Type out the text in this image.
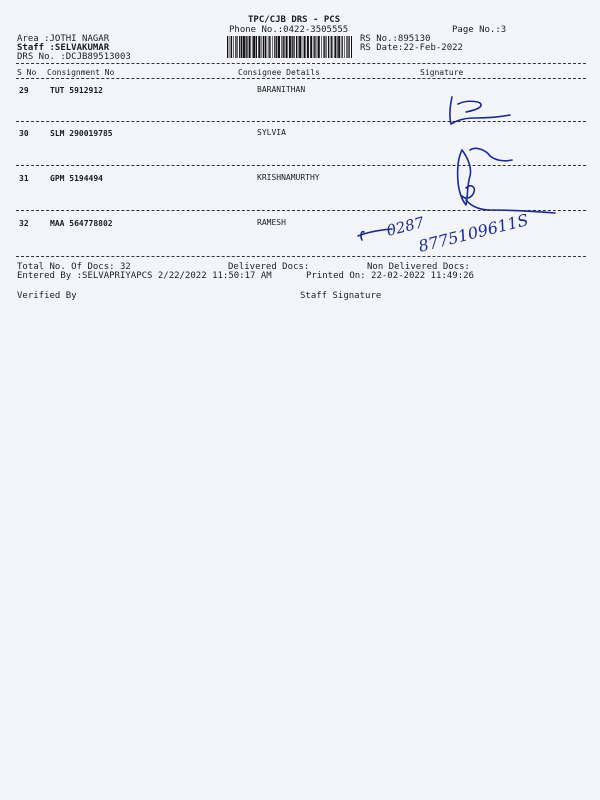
TPC/CJB DRS - PCS
Phone No.:0422-3505555	Page No.:3
Area :JOTHI NAGAR
Staff :SELVAKUMAR
DRS No. :DCJB89513003
RS No.:895130
RS Date:22-Feb-2022
S No Consignment No	Consignee Details	Signature
29	TUT 5912912	BARANITHAN
30	SLM 290019785	SYLVIA
31	GPM 5194494	KRISHNAMURTHY
32	MAA 564778802	RAMESH
Total No. Of Docs: 32	Delivered Docs:	Non Delivered Docs:
Entered By :SELVAPRIYAPCS 2/22/2022 11:50:17 AM	Printed On: 22-02-2022 11:49:26
Verified By	Staff Signature
0287
8775109611S
